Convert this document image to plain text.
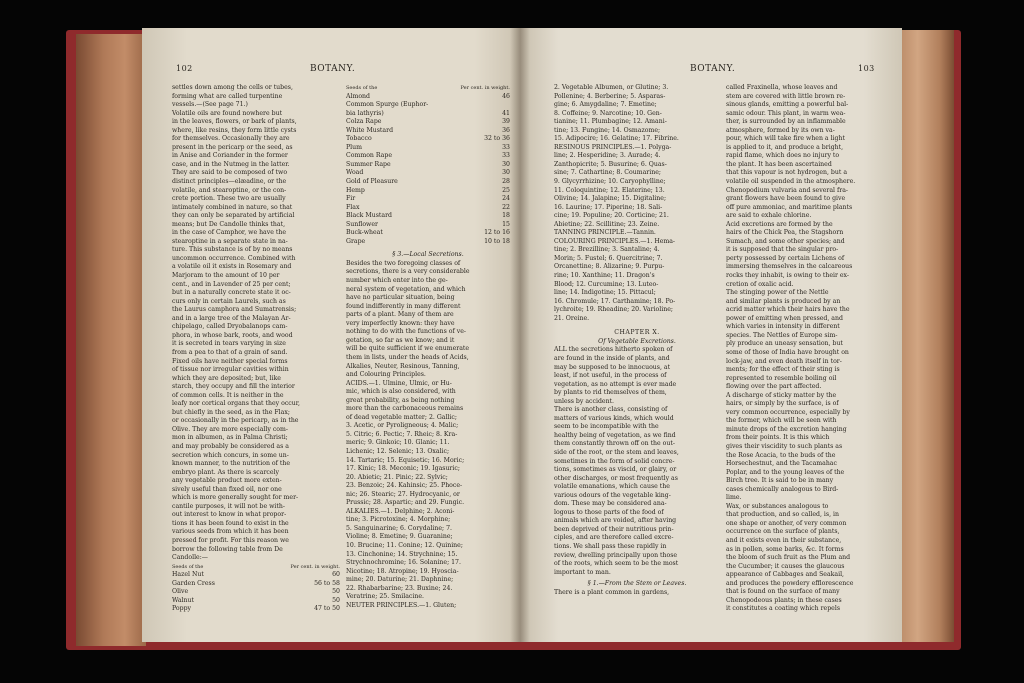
102	BOTANY.

settles down among the cells or tubes,

forming what are called turpentine

vessels.—(See page 71.)

Volatile oils are found nowhere but

in the leaves, flowers, or bark of plants,

where, like resins, they form little cysts

for themselves. Occasionally they are

present in the pericarp or the seed, as

in Anise and Coriander in the former

case, and in the Nutmeg in the latter.

They are said to be composed of two

distinct principles—elæadine, or the

volatile, and stearoptine, or the con-

crete portion. These two are usually

intimately combined in nature, so that

they can only be separated by artificial

means; but De Candolle thinks that,

in the case of Camphor, we have the

stearoptine in a separate state in na-

ture. This substance is of by no means

uncommon occurrence. Combined with

a volatile oil it exists in Rosemary and

Marjoram to the amount of 10 per

cent., and in Lavender of 25 per cent;

but in a naturally concrete state it oc-

curs only in certain Laurels, such as

the Laurus camphora and Sumatrensis;

and in a large tree of the Malayan Ar-

chipelago, called Dryobalanops cam-

phora, in whose bark, roots, and wood

it is secreted in tears varying in size

from a pea to that of a grain of sand.

Fixed oils have neither special forms

of tissue nor irregular cavities within

which they are deposited; but, like

starch, they occupy and fill the interior

of common cells. It is neither in the

leafy nor cortical organs that they occur,

but chiefly in the seed, as in the Flax;

or occasionally in the pericarp, as in the

Olive. They are more especially com-

mon in albumen, as in Palma Christi;

and may probably be considered as a

secretion which concurs, in some un-

known manner, to the nutrition of the

embryo plant. As there is scarcely

any vegetable product more exten-

sively useful than fixed oil, nor one

which is more generally sought for mer-

cantile purposes, it will not be with-

out interest to know in what propor-

tions it has been found to exist in the

various seeds from which it has been

pressed for profit. For this reason we

borrow the following table from De

Candolle:—

Seeds of the	Per cent. in weight.
Hazel Nut	60
Garden Cress	56 to 58
Olive	50
Walnut	50
Poppy	47 to 50
Seeds of the	Per cent. in weight.
Almond	46
Common Spurge (Euphor-
bia lathyris)	41
Colza Rape	39
White Mustard	36
Tobacco	32 to 36
Plum	33
Common Rape	33
Summer Rape	30
Woad	30
Gold of Pleasure	28
Hemp	25
Fir	24
Flax	22
Black Mustard	18
Sunflower	15
Buck-wheat	12 to 16
Grape	10 to 18
§ 3.—Local Secretions.

Besides the two foregoing classes of

secretions, there is a very considerable

number which enter into the ge-

neral system of vegetation, and which

have no particular situation, being

found indifferently in many different

parts of a plant. Many of them are

very imperfectly known: they have

nothing to do with the functions of ve-

getation, so far as we know; and it

will be quite sufficient if we enumerate

them in lists, under the heads of Acids,

Alkalies, Neuter, Resinous, Tanning,

and Colouring Principles.

ACIDS.—1. Ulmine, Ulmic, or Hu-

mic, which is also considered, with

great probability, as being nothing

more than the carbonaceous remains

of dead vegetable matter; 2. Gallic;

3. Acetic, or Pyroligneous; 4. Malic;

5. Citric; 6. Pectic; 7. Rheic; 8. Kra-

meric; 9. Ginkoic; 10. Glanic; 11.

Lichenic; 12. Selenic; 13. Oxalic;

14. Tartaric; 15. Equisetic; 16. Moric;

17. Kinic; 18. Meconic; 19. Igasuric;

20. Abietic; 21. Pinic; 22. Sylvic;

23. Benzoic; 24. Kahinsic; 25. Phoce-

nic; 26. Stearic; 27. Hydrocyanic, or

Prussic; 28. Aspartic; and 29. Fungic.

ALKALIES.—1. Delphine; 2. Aconi-

tine; 3. Picrotoxine; 4. Morphine;

5. Sanguinarine; 6. Corydaline; 7.

Violine; 8. Emetine; 9. Guaranine;

10. Brucine; 11. Conine; 12. Quinine;

13. Cinchonine; 14. Strychnine; 15.

Strychnochromine; 16. Solanine; 17.

Nicotine; 18. Atropine; 19. Hyoscia-

mine; 20. Daturine; 21. Daphnine;

22. Rhabarbarine; 23. Buxine; 24.

Veratrine; 25. Smilacine.

NEUTER PRINCIPLES.—1. Gluten;

BOTANY.	103

2. Vegetable Albumen, or Glutine; 3.

Pollenine; 4. Berberine; 5. Asparas-

gine; 6. Amygdaline; 7. Emetine;

8. Coffeine; 9. Narcotine; 10. Gen-

tianine; 11. Plumbagine; 12. Amani-

tine; 13. Fungine; 14. Osmazome;

15. Adipocire; 16. Gelatine; 17. Fibrine.

RESINOUS PRINCIPLES.—1. Polyga-

line; 2. Hesperidine; 3. Aurade; 4.

Zanthopicrite; 5. Busurine; 6. Quas-

sine; 7. Cathartine; 8. Coumarine;

9. Glycyrrhizine; 10. Caryophylline;

11. Coloquintine; 12. Elaterine; 13.

Olivine; 14. Jalapine; 15. Digitaline;

16. Laurine; 17. Piperine; 18. Sali-

cine; 19. Populine; 20. Corticine; 21.

Abietine; 22. Scillitine; 23. Zeine.

TANNING PRINCIPLE.—Tannin.

COLOURING PRINCIPLES.—1. Hema-

tine; 2. Brezilline; 3. Santaline; 4.

Morin; 5. Fustel; 6. Quercitrine; 7.

Orcanettine; 8. Alizarine; 9. Purpu-

rine; 10. Xanthine; 11. Dragon's

Blood; 12. Curcumine; 13. Luteo-

line; 14. Indigotine; 15. Pittacul;

16. Chromule; 17. Carthamine; 18. Po-

lychroite; 19. Rheadine; 20. Varioline;

21. Oreine.

CHAPTER X.
Of Vegetable Excretions.

ALL the secretions hitherto spoken of

are found in the inside of plants, and

may be supposed to be innocuous, at

least, if not useful, in the process of

vegetation, as no attempt is ever made

by plants to rid themselves of them,

unless by accident.

There is another class, consisting of

matters of various kinds, which would

seem to be incompatible with the

healthy being of vegetation, as we find

them constantly thrown off on the out-

side of the root, or the stem and leaves,

sometimes in the form of solid concre-

tions, sometimes as viscid, or glairy, or

other discharges, or most frequently as

volatile emanations, which cause the

various odours of the vegetable king-

dom. These may be considered ana-

logous to those parts of the food of

animals which are voided, after having

been deprived of their nutritious prin-

ciples, and are therefore called excre-

tions. We shall pass these rapidly in

review, dwelling principally upon those

of the roots, which seem to be the most

important to man.

§ 1.—From the Stem or Leaves.

There is a plant common in gardens,

called Fraxinella, whose leaves and

stem are covered with little brown re-

sinous glands, emitting a powerful bal-

samic odour. This plant, in warm wea-

ther, is surrounded by an inflammable

atmosphere, formed by its own va-

pour, which will take fire when a light

is applied to it, and produce a bright,

rapid flame, which does no injury to

the plant. It has been ascertained

that this vapour is not hydrogen, but a

volatile oil suspended in the atmosphere.

Chenopodium vulvaria and several fra-

grant flowers have been found to give

off pure ammoniac, and maritime plants

are said to exhale chlorine.

Acid excretions are formed by the

hairs of the Chick Pea, the Stagshorn

Sumach, and some other species; and

it is supposed that the singular pro-

perty possessed by certain Lichens of

immersing themselves in the calcareous

rocks they inhabit, is owing to their ex-

cretion of oxalic acid.

The stinging power of the Nettle

and similar plants is produced by an

acrid matter which their hairs have the

power of emitting when pressed, and

which varies in intensity in different

species. The Nettles of Europe sim-

ply produce an uneasy sensation, but

some of those of India have brought on

lock-jaw, and even death itself in tor-

ments; for the effect of their sting is

represented to resemble boiling oil

flowing over the part affected.

A discharge of sticky matter by the

hairs, or simply by the surface, is of

very common occurrence, especially by

the former, which will be seen with

minute drops of the excretion hanging

from their points. It is this which

gives their viscidity to such plants as

the Rose Acacia, to the buds of the

Horsechestnut, and the Tacamahac

Poplar, and to the young leaves of the

Birch tree. It is said to be in many

cases chemically analogous to Bird-

lime.

Wax, or substances analogous to

that production, and so called, is, in

one shape or another, of very common

occurrence on the surface of plants,

and it exists even in their substance,

as in pollen, some barks, &c. It forms

the bloom of such fruit as the Plum and

the Cucumber; it causes the glaucous

appearance of Cabbages and Seakail,

and produces the powdery efflorescence

that is found on the surface of many

Chenopodeous plants; in these cases

it constitutes a coating which repels
